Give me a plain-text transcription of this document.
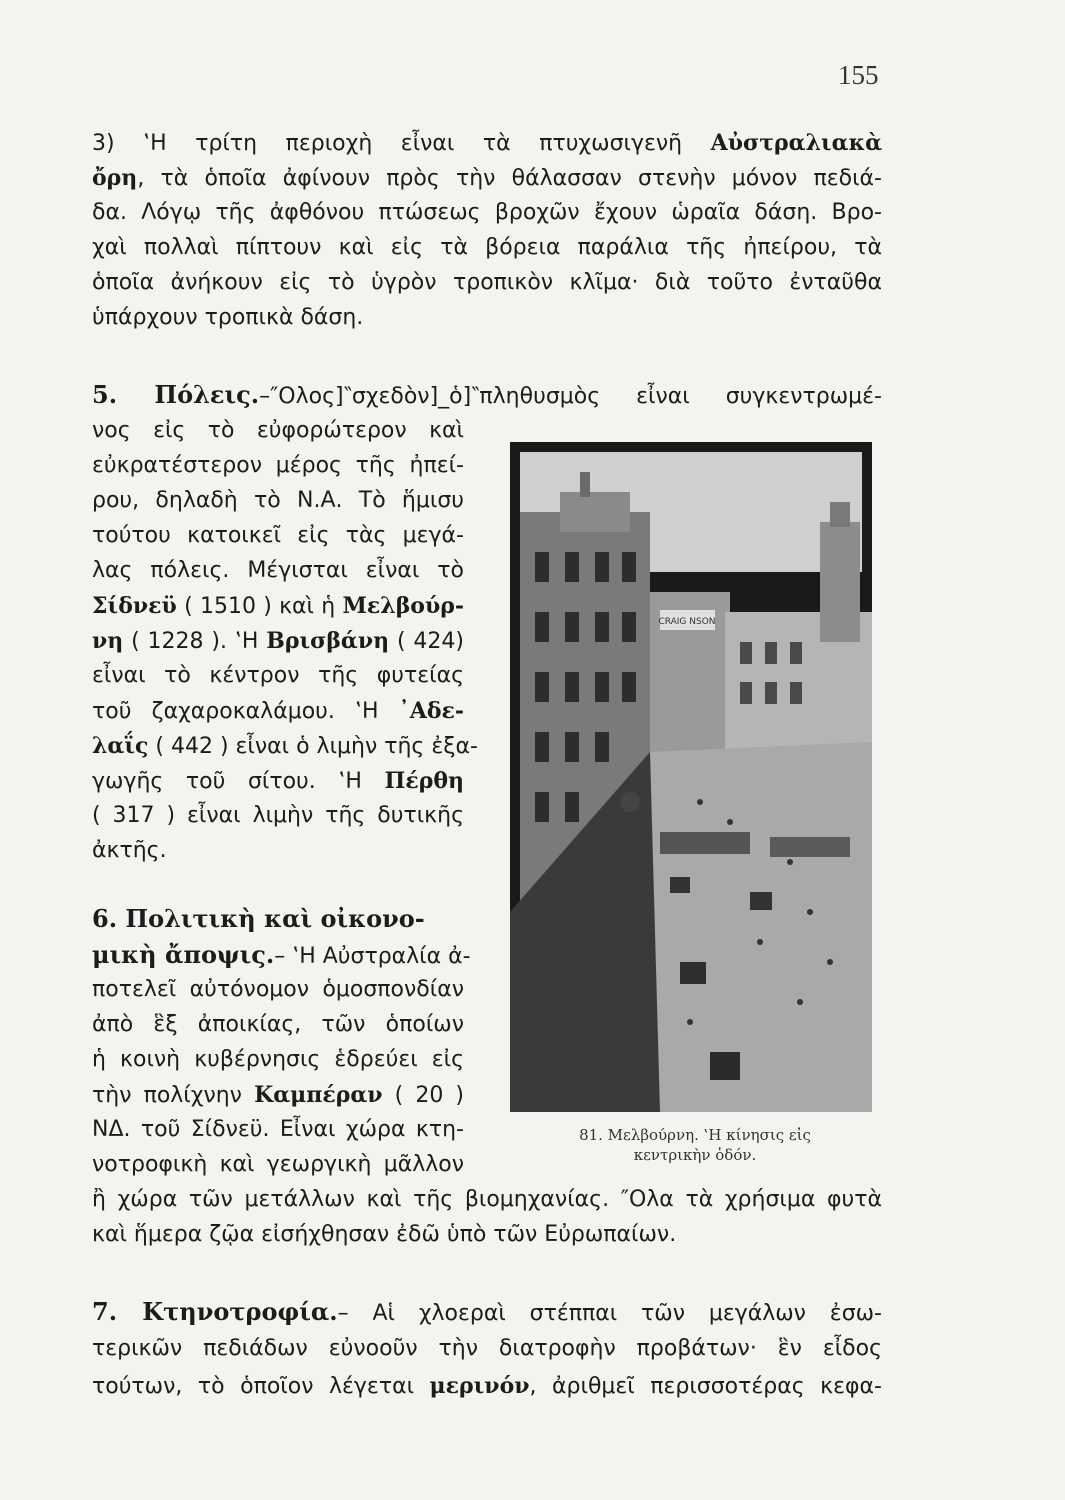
155
3) ‛Η τρίτη περιοχὴ εἶναι τὰ πτυχωσιγενῆ Αὐστραλιακὰ
ὄρη, τὰ ὁποῖα ἀφίνουν πρὸς τὴν θάλασσαν στενὴν μόνον πεδιά-
δα. Λόγῳ τῆς ἀφθόνου πτώσεως βροχῶν ἔχουν ὡραῖα δάση. Βρο-
χαὶ πολλαὶ πίπτουν καὶ εἰς τὰ βόρεια παράλια τῆς ἠπείρου, τὰ
ὁποῖα ἀνήκουν εἰς τὸ ὑγρὸν τροπικὸν κλῖμα· διὰ τοῦτο ἐνταῦθα
ὑπάρχουν τροπικὰ δάση.
5. Πόλεις.–″Ολος]‶σχεδὸν]_ὁ]‶πληθυσμὸς εἶναι συγκεντρωμέ-
νος εἰς τὸ εὐφορώτερον καὶ
εὐκρατέστερον μέρος τῆς ἠπεί-
ρου, δηλαδὴ τὸ Ν.Α. Τὸ ἥμισυ
τούτου κατοικεῖ εἰς τὰς μεγά-
λας πόλεις. Μέγισται εἶναι τὸ
Σίδνεϋ ( 1510 ) καὶ ἡ Μελβούρ-
νη ( 1228 ). ‛Η Βρισβάνη ( 424)
εἶναι τὸ κέντρον τῆς φυτείας
τοῦ ζαχαροκαλάμου. ‛Η ᾿Αδε-
λαΐς ( 442 ) εἶναι ὁ λιμὴν τῆς ἐξα-
γωγῆς τοῦ σίτου. ‛Η Πέρθη
( 317 ) εἶναι λιμὴν τῆς δυτικῆς
ἀκτῆς.
6. Πολιτικὴ καὶ οἰκονο-
μικὴ ἄποψις.– ‛Η Αὐστραλία ἀ-
ποτελεῖ αὐτόνομον ὁμοσπονδίαν
ἀπὸ ἓξ ἀποικίας, τῶν ὁποίων
ἡ κοινὴ κυβέρνησις ἑδρεύει εἰς
τὴν πολίχνην Καμπέραν ( 20 )
ΝΔ. τοῦ Σίδνεϋ. Εἶναι χώρα κτη-
νοτροφικὴ καὶ γεωργικὴ μᾶλλον
ἢ χώρα τῶν μετάλλων καὶ τῆς βιομηχανίας. ″Ολα τὰ χρήσιμα φυτὰ
καὶ ἥμερα ζῷα εἰσήχθησαν ἐδῶ ὑπὸ τῶν Εὐρωπαίων.
7. Κτηνοτροφία.– Αἱ χλοεραὶ στέππαι τῶν μεγάλων ἐσω-
τερικῶν πεδιάδων εὐνοοῦν τὴν διατροφὴν προβάτων· ἓν εἶδος
τούτων, τὸ ὁποῖον λέγεται μερινόν, ἀριθμεῖ περισσοτέρας κεφα-
CRAIG NSON
81. Μελβούρνη. ‛Η κίνησις εἰς
κεντρικὴν ὁδόν.
